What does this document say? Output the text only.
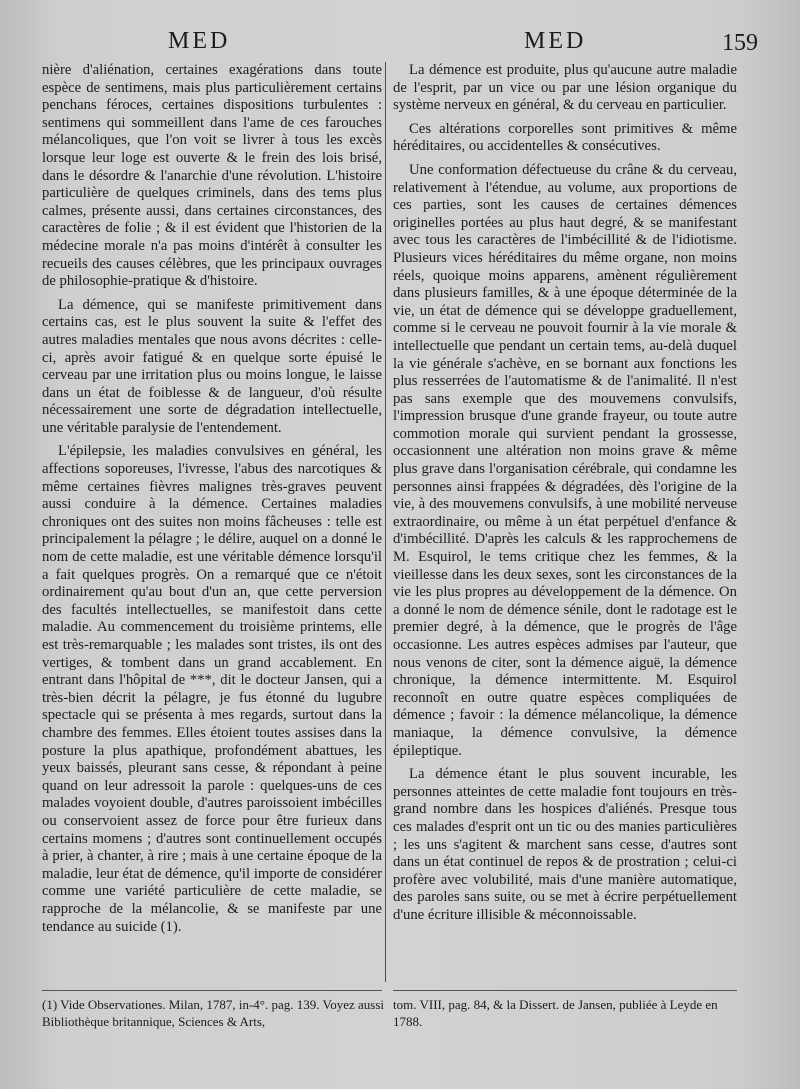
MED	MED	159

nière d'aliénation, certaines exagérations dans toute espèce de sentimens, mais plus particulièrement certains penchans féroces, certaines dispositions turbulentes : sentimens qui sommeillent dans l'ame de ces farouches mélancoliques, que l'on voit se livrer à tous les excès lorsque leur loge est ouverte & le frein des lois brisé, dans le désordre & l'anarchie d'une révolution. L'histoire particulière de quelques criminels, dans des tems plus calmes, présente aussi, dans certaines circonstances, des caractères de folie ; & il est évident que l'historien de la médecine morale n'a pas moins d'intérêt à consulter les recueils des causes célèbres, que les principaux ouvrages de philosophie-pratique & d'histoire.

La démence, qui se manifeste primitivement dans certains cas, est le plus souvent la suite & l'effet des autres maladies mentales que nous avons décrites : celle-ci, après avoir fatigué & en quelque sorte épuisé le cerveau par une irritation plus ou moins longue, le laisse dans un état de foiblesse & de langueur, d'où résulte nécessairement une sorte de dégradation intellectuelle, une véritable paralysie de l'entendement.

L'épilepsie, les maladies convulsives en général, les affections soporeuses, l'ivresse, l'abus des narcotiques & même certaines fièvres malignes très-graves peuvent aussi conduire à la démence. Certaines maladies chroniques ont des suites non moins fâcheuses : telle est principalement la pélagre ; le délire, auquel on a donné le nom de cette maladie, est une véritable démence lorsqu'il a fait quelques progrès. On a remarqué que ce n'étoit ordinairement qu'au bout d'un an, que cette perversion des facultés intellectuelles, se manifestoit dans cette maladie. Au commencement du troisième printems, elle est très-remarquable ; les malades sont tristes, ils ont des vertiges, & tombent dans un grand accablement. En entrant dans l'hôpital de ***, dit le docteur Jansen, qui a très-bien décrit la pélagre, je fus étonné du lugubre spectacle qui se présenta à mes regards, surtout dans la chambre des femmes. Elles étoient toutes assises dans la posture la plus apathique, profondément abattues, les yeux baissés, pleurant sans cesse, & répondant à peine quand on leur adressoit la parole : quelques-uns de ces malades voyoient double, d'autres paroissoient imbécilles ou conservoient assez de force pour être furieux dans certains momens ; d'autres sont continuellement occupés à prier, à chanter, à rire ; mais à une certaine époque de la maladie, leur état de démence, qu'il importe de considérer comme une variété particulière de cette maladie, se rapproche de la mélancolie, & se manifeste par une tendance au suicide (1).

La démence est produite, plus qu'aucune autre maladie de l'esprit, par un vice ou par une lésion organique du système nerveux en général, & du cerveau en particulier.

Ces altérations corporelles sont primitives & même héréditaires, ou accidentelles & consécutives.

Une conformation défectueuse du crâne & du cerveau, relativement à l'étendue, au volume, aux proportions de ces parties, sont les causes de certaines démences originelles portées au plus haut degré, & se manifestant avec tous les caractères de l'imbécillité & de l'idiotisme. Plusieurs vices héréditaires du même organe, non moins réels, quoique moins apparens, amènent régulièrement dans plusieurs familles, & à une époque déterminée de la vie, un état de démence qui se développe graduellement, comme si le cerveau ne pouvoit fournir à la vie morale & intellectuelle que pendant un certain tems, au-delà duquel la vie générale s'achève, en se bornant aux fonctions les plus resserrées de l'automatisme & de l'animalité. Il n'est pas sans exemple que des mouvemens convulsifs, l'impression brusque d'une grande frayeur, ou toute autre commotion morale qui survient pendant la grossesse, occasionnent une altération non moins grave & même plus grave dans l'organisation cérébrale, qui condamne les personnes ainsi frappées & dégradées, dès l'origine de la vie, à des mouvemens convulsifs, à une mobilité nerveuse extraordinaire, ou même à un état perpétuel d'enfance & d'imbécillité. D'après les calculs & les rapprochemens de M. Esquirol, le tems critique chez les femmes, & la vieillesse dans les deux sexes, sont les circonstances de la vie les plus propres au développement de la démence. On a donné le nom de démence sénile, dont le radotage est le premier degré, à la démence, que le progrès de l'âge occasionne. Les autres espèces admises par l'auteur, que nous venons de citer, sont la démence aiguë, la démence chronique, la démence intermittente. M. Esquirol reconnoît en outre quatre espèces compliquées de démence ; favoir : la démence mélancolique, la démence maniaque, la démence convulsive, la démence épileptique.

La démence étant le plus souvent incurable, les personnes atteintes de cette maladie font toujours en très-grand nombre dans les hospices d'aliénés. Presque tous ces malades d'esprit ont un tic ou des manies particulières ; les uns s'agitent & marchent sans cesse, d'autres sont dans un état continuel de repos & de prostration ; celui-ci profère avec volubilité, mais d'une manière automatique, des paroles sans suite, ou se met à écrire perpétuellement d'une écriture illisible & méconnoissable.

(1) Vide Observationes. Milan, 1787, in-4°. pag. 139. Voyez aussi Bibliothèque britannique, Sciences & Arts,
tom. VIII, pag. 84, & la Dissert. de Jansen, publiée à Leyde en 1788.
